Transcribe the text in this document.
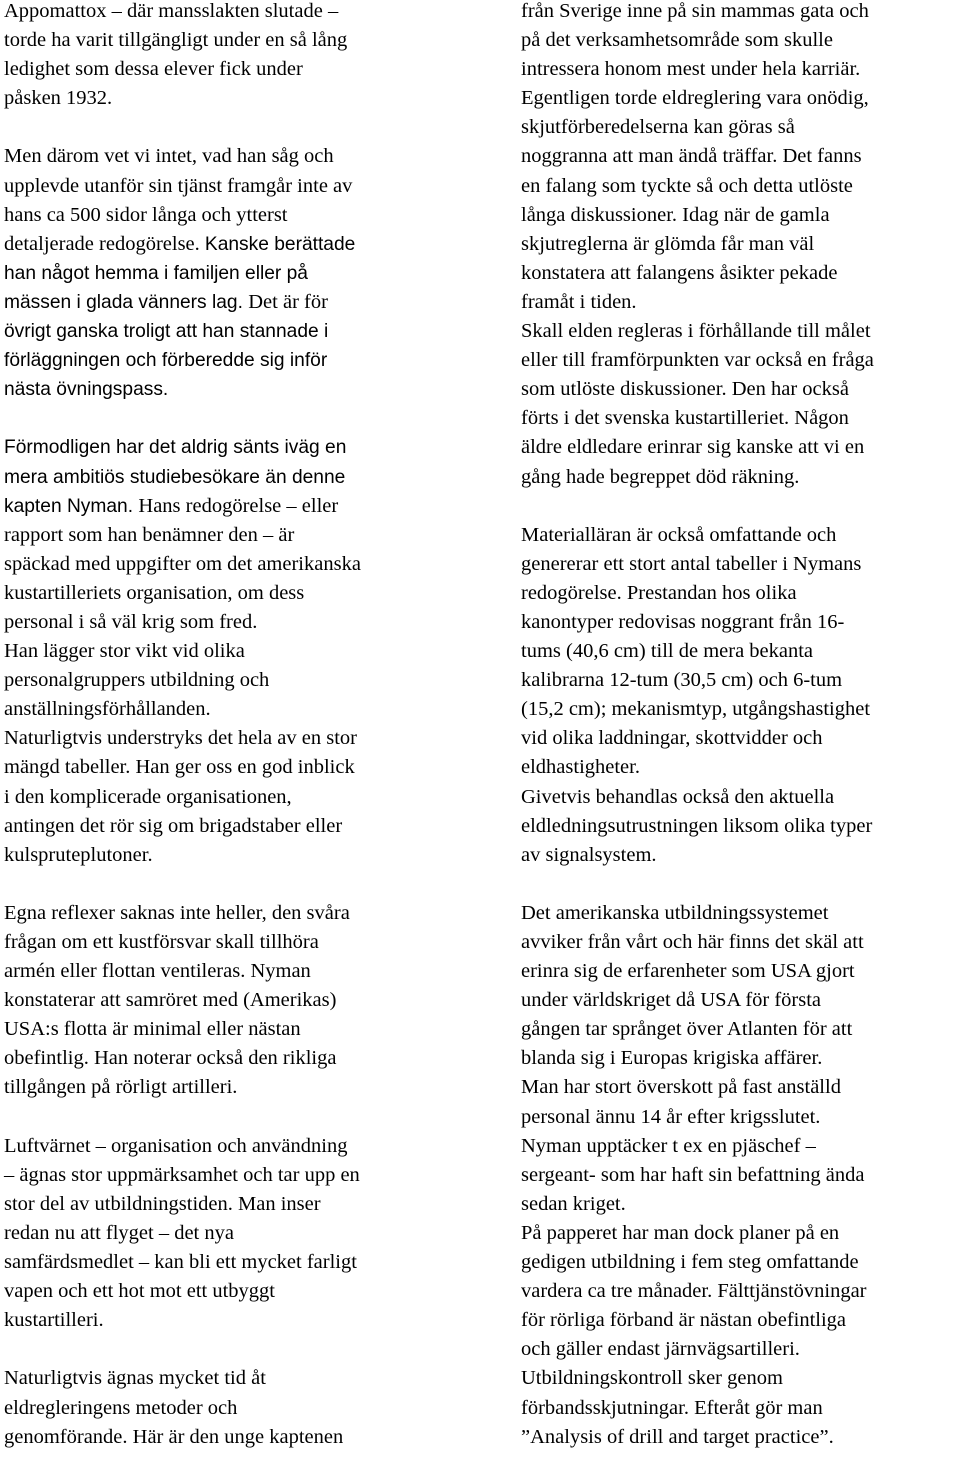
Appomattox – där mansslakten slutade –

torde ha varit tillgängligt under en så lång

ledighet som dessa elever fick under

påsken 1932.

Men därom vet vi intet, vad han såg och

upplevde utanför sin tjänst framgår inte av

hans ca 500 sidor långa och ytterst

detaljerade redogörelse. Kanske berättade

han något hemma i familjen eller på

mässen i glada vänners lag. Det är för

övrigt ganska troligt att han stannade i

förläggningen och förberedde sig inför

nästa övningspass.

Förmodligen har det aldrig sänts iväg en

mera ambitiös studiebesökare än denne

kapten Nyman. Hans redogörelse – eller

rapport som han benämner den – är

späckad med uppgifter om det amerikanska

kustartilleriets organisation, om dess

personal i så väl krig som fred.

Han lägger stor vikt vid olika

personalgruppers utbildning och

anställningsförhållanden.

Naturligtvis understryks det hela av en stor

mängd tabeller. Han ger oss en god inblick

i den komplicerade organisationen,

antingen det rör sig om brigadstaber eller

kulspruteplutoner.

Egna reflexer saknas inte heller, den svåra

frågan om ett kustförsvar skall tillhöra

armén eller flottan ventileras. Nyman

konstaterar att samröret med (Amerikas)

USA:s flotta är minimal eller nästan

obefintlig. Han noterar också den rikliga

tillgången på rörligt artilleri.

Luftvärnet – organisation och användning

– ägnas stor uppmärksamhet och tar upp en

stor del av utbildningstiden. Man inser

redan nu att flyget – det nya

samfärdsmedlet – kan bli ett mycket farligt

vapen och ett hot mot ett utbyggt

kustartilleri.

Naturligtvis ägnas mycket tid åt

eldregleringens metoder och

genomförande. Här är den unge kaptenen

från Sverige inne på sin mammas gata och

på det verksamhetsområde som skulle

intressera honom mest under hela karriär.

Egentligen torde eldreglering vara onödig,

skjutförberedelserna kan göras så

noggranna att man ändå träffar. Det fanns

en falang som tyckte så och detta utlöste

långa diskussioner. Idag när de gamla

skjutreglerna är glömda får man väl

konstatera att falangens åsikter pekade

framåt i tiden.

Skall elden regleras i förhållande till målet

eller till framförpunkten var också en fråga

som utlöste diskussioner. Den har också

förts i det svenska kustartilleriet. Någon

äldre eldledare erinrar sig kanske att vi en

gång hade begreppet död räkning.

Materialläran är också omfattande och

genererar ett stort antal tabeller i Nymans

redogörelse. Prestandan hos olika

kanontyper redovisas noggrant från 16-

tums (40,6 cm) till de mera bekanta

kalibrarna 12-tum (30,5 cm) och 6-tum

(15,2 cm); mekanismtyp, utgångshastighet

vid olika laddningar, skottvidder och

eldhastigheter.

Givetvis behandlas också den aktuella

eldledningsutrustningen liksom olika typer

av signalsystem.

Det amerikanska utbildningssystemet

avviker från vårt och här finns det skäl att

erinra sig de erfarenheter som USA gjort

under världskriget då USA för första

gången tar språnget över Atlanten för att

blanda sig i Europas krigiska affärer.

Man har stort överskott på fast anställd

personal ännu 14 år efter krigsslutet.

Nyman upptäcker t ex en pjäschef –

sergeant- som har haft sin befattning ända

sedan kriget.

På papperet har man dock planer på en

gedigen utbildning i fem steg omfattande

vardera ca tre månader. Fälttjänstövningar

för rörliga förband är nästan obefintliga

och gäller endast järnvägsartilleri.

Utbildningskontroll sker genom

förbandsskjutningar. Efteråt gör man

”Analysis of drill and target practice”.
